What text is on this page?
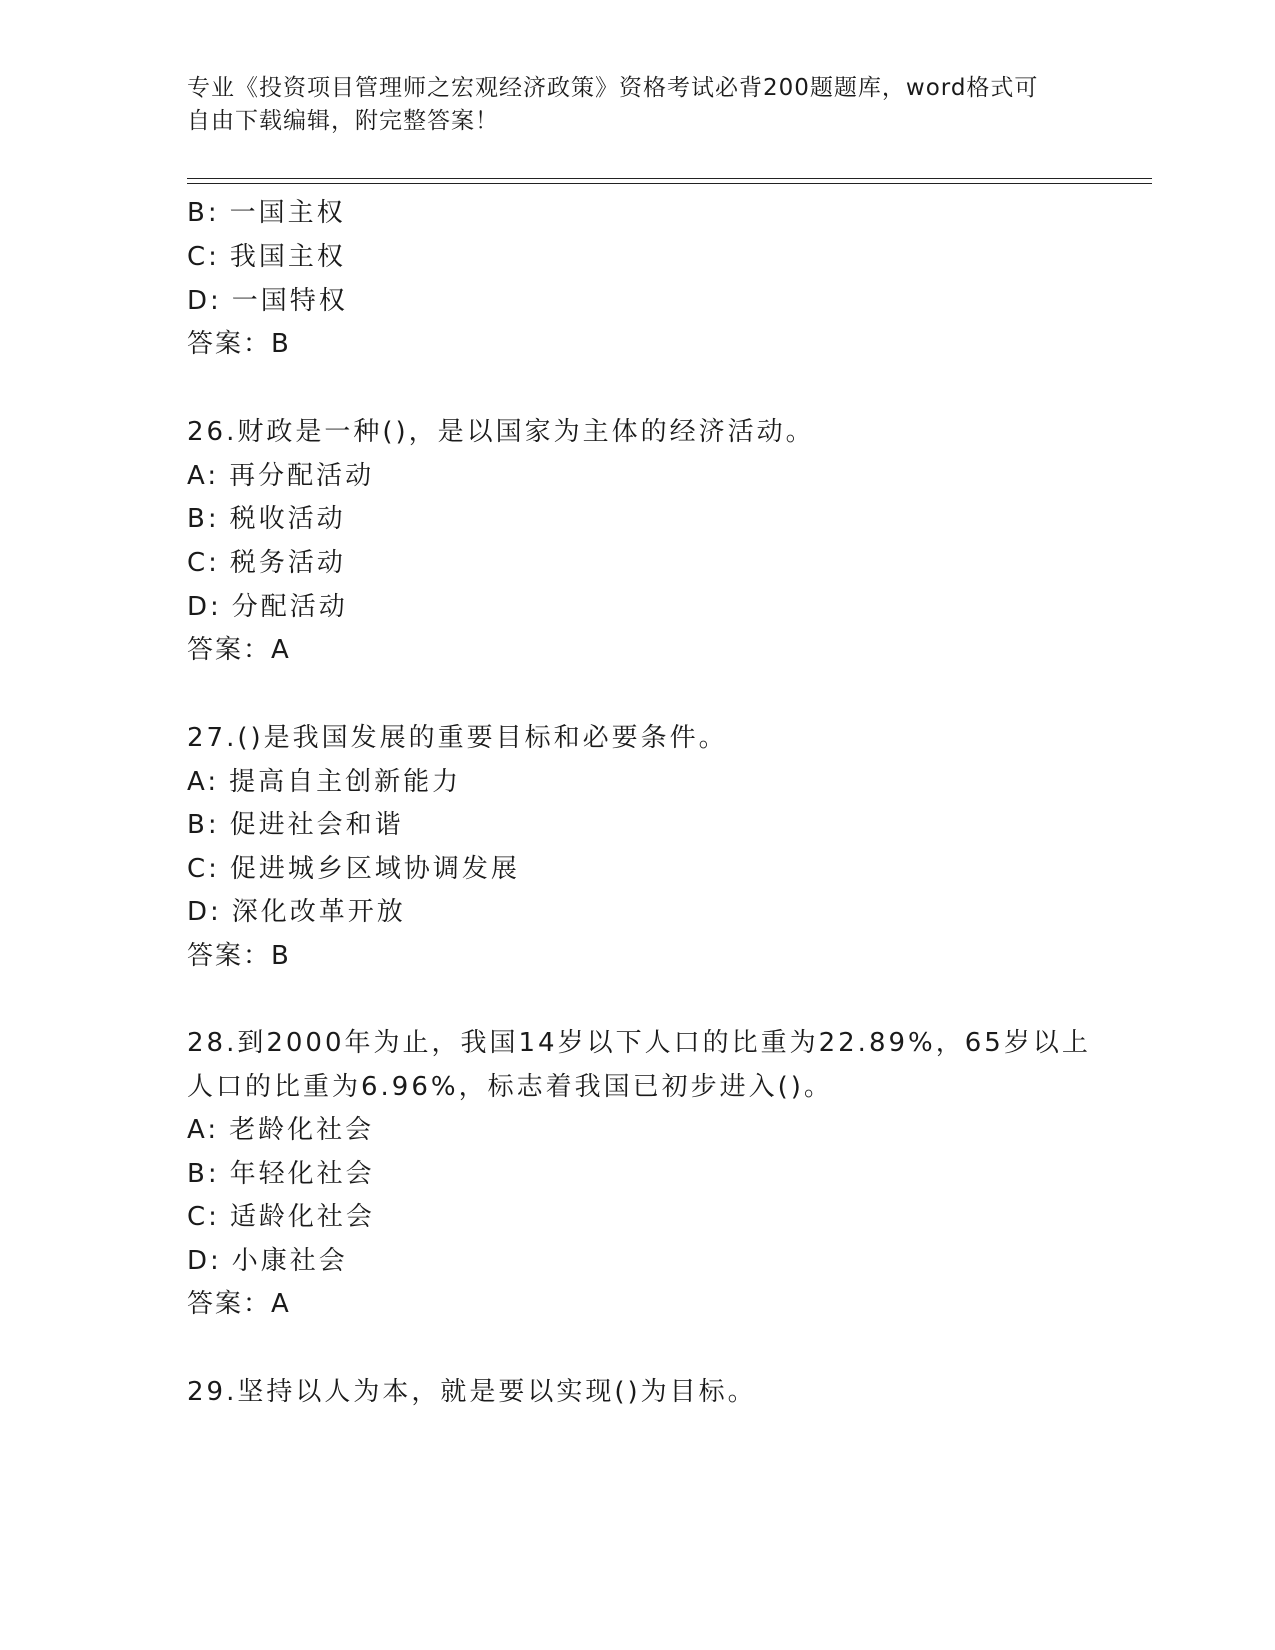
专业《投资项目管理师之宏观经济政策》资格考试必背200题题库，word格式可
自由下载编辑，附完整答案！
B: 一国主权
C: 我国主权
D: 一国特权
答案：B
26.财政是一种()，是以国家为主体的经济活动。
A: 再分配活动
B: 税收活动
C: 税务活动
D: 分配活动
答案：A
27.()是我国发展的重要目标和必要条件。
A: 提高自主创新能力
B: 促进社会和谐
C: 促进城乡区域协调发展
D: 深化改革开放
答案：B
28.到2000年为止，我国14岁以下人口的比重为22.89%，65岁以上
人口的比重为6.96%，标志着我国已初步进入()。
A: 老龄化社会
B: 年轻化社会
C: 适龄化社会
D: 小康社会
答案：A
29.坚持以人为本，就是要以实现()为目标。
